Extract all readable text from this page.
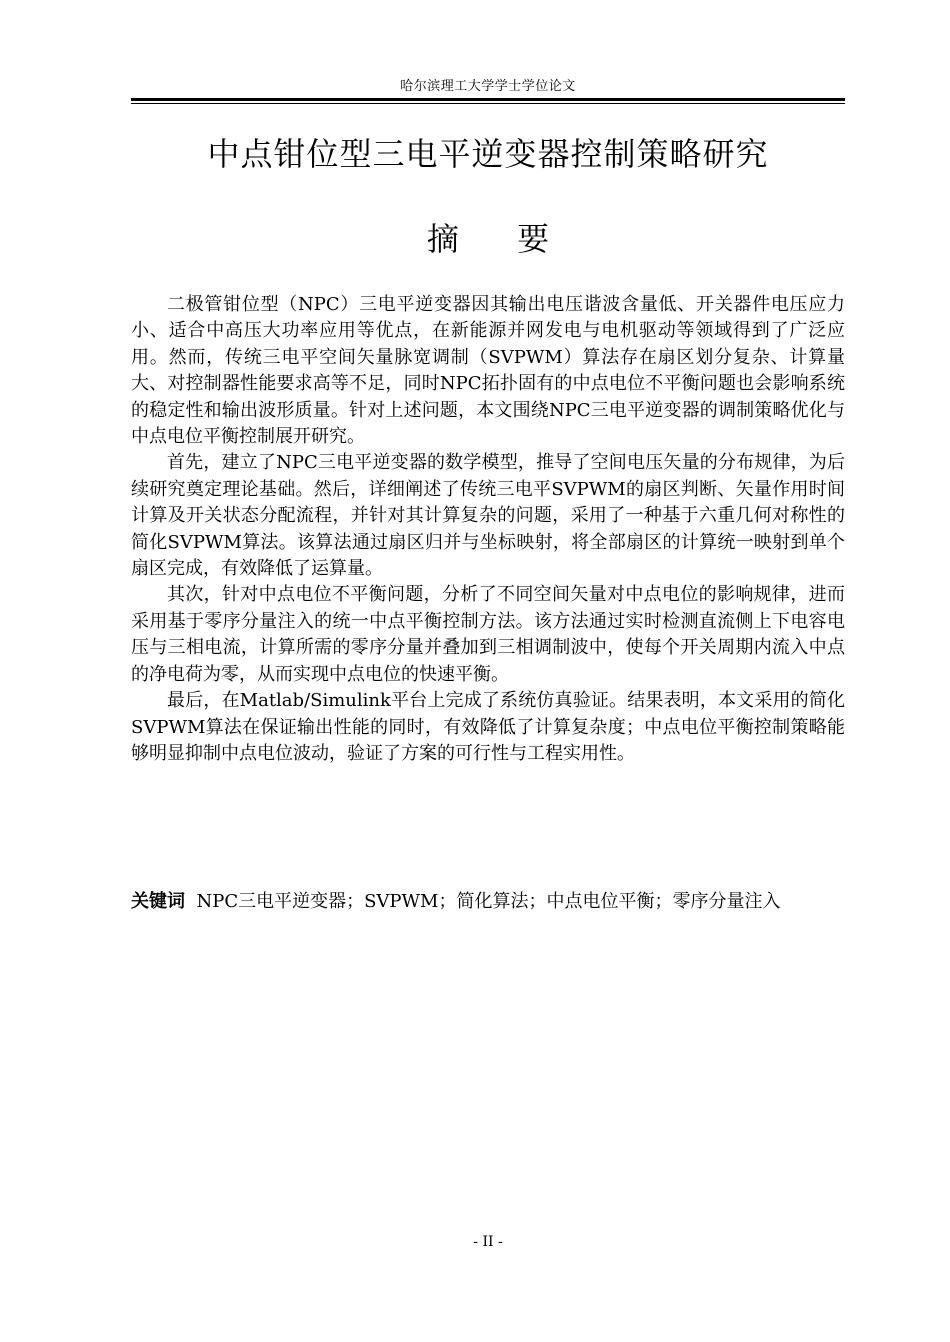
哈尔滨理工大学学士学位论文
中点钳位型三电平逆变器控制策略研究
摘 要

二极管钳位型（NPC）三电平逆变器因其输出电压谐波含量低、开关器件电压应力小、适合中高压大功率应用等优点，在新能源并网发电与电机驱动等领域得到了广泛应用。然而，传统三电平空间矢量脉宽调制（SVPWM）算法存在扇区划分复杂、计算量大、对控制器性能要求高等不足，同时NPC拓扑固有的中点电位不平衡问题也会影响系统的稳定性和输出波形质量。针对上述问题，本文围绕NPC三电平逆变器的调制策略优化与中点电位平衡控制展开研究。

首先，建立了NPC三电平逆变器的数学模型，推导了空间电压矢量的分布规律，为后续研究奠定理论基础。然后，详细阐述了传统三电平SVPWM的扇区判断、矢量作用时间计算及开关状态分配流程，并针对其计算复杂的问题，采用了一种基于六重几何对称性的简化SVPWM算法。该算法通过扇区归并与坐标映射，将全部扇区的计算统一映射到单个扇区完成，有效降低了运算量。

其次，针对中点电位不平衡问题，分析了不同空间矢量对中点电位的影响规律，进而采用基于零序分量注入的统一中点平衡控制方法。该方法通过实时检测直流侧上下电容电压与三相电流，计算所需的零序分量并叠加到三相调制波中，使每个开关周期内流入中点的净电荷为零，从而实现中点电位的快速平衡。

最后，在Matlab/Simulink平台上完成了系统仿真验证。结果表明，本文采用的简化SVPWM算法在保证输出性能的同时，有效降低了计算复杂度；中点电位平衡控制策略能够明显抑制中点电位波动，验证了方案的可行性与工程实用性。

关键词 NPC三电平逆变器；SVPWM；简化算法；中点电位平衡；零序分量注入
- II -
